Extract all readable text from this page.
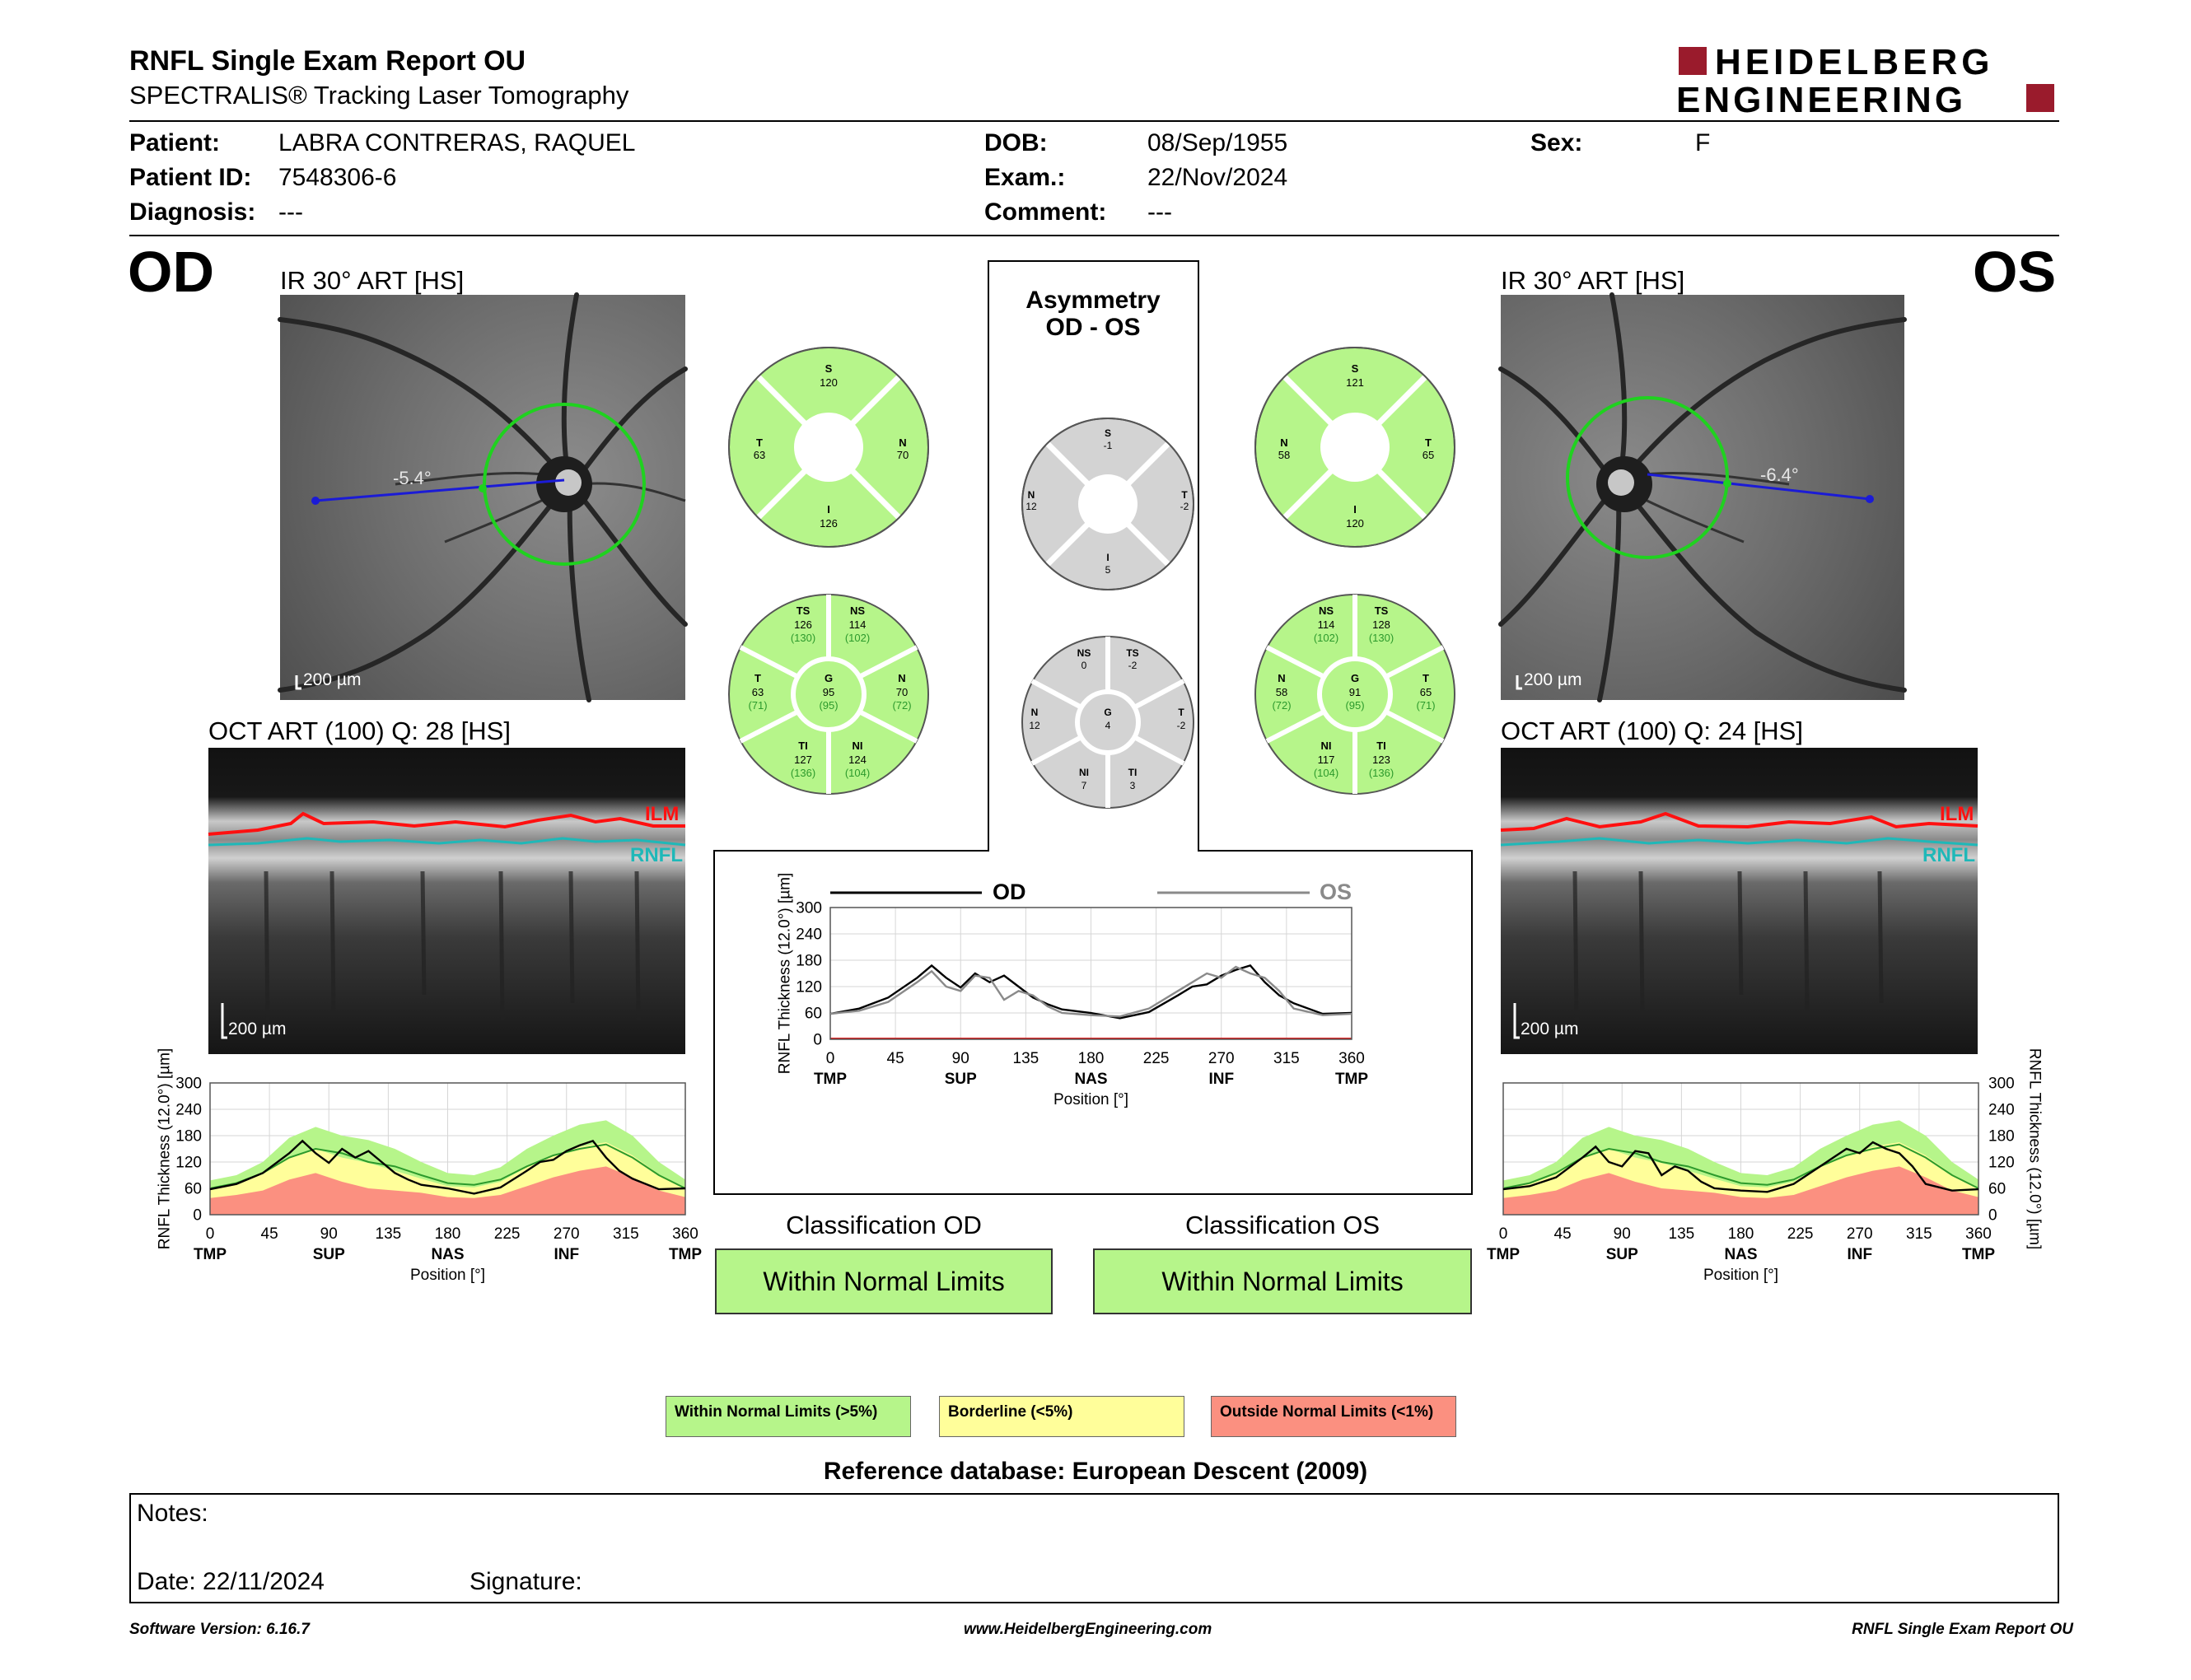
RNFL Single Exam Report OU
SPECTRALIS® Tracking Laser Tomography
HEIDELBERG
ENGINEERING
Patient: LABRA CONTRERAS, RAQUEL
Patient ID: 7548306-6
Diagnosis: ---
DOB:	08/Sep/1955
Exam.:	22/Nov/2024
Comment: ---
Sex:	F
OD	OS
IR 30° ART [HS]
-5.4°
200 µm
IR 30° ART [HS]
-6.4°
200 µm
OCT ART (100) Q: 28 [HS]
ILM
RNFL
200 µm
OCT ART (100) Q: 24 [HS]
ILM
RNFL
200 µm
S
120
T
63
N
70
I
126
TS
126
(130)
NS
114
(102)
T
63
(71)
G
95
(95)
N
70
(72)
TI
127
(136)
NI
124
(104)
S
121
N
58
T
65
I
120
NS
114
(102)
TS
128
(130)
N
58
(72)
G
91
(95)
T
65
(71)
NI
117
(104)
TI
123
(136)
Asymmetry
OD - OS
S
-1
N
12
T
-2
I
5
NS
0
TS
-2
N
12
G
4
T
-2
NI
7
TI
3
0
60
120
180
240
300
0	45	90 135 180 225 270 315 360
TMP	SUP	NAS	INF	TMP
Position [°]
RNFL Thickness (12.0°) [µm]
0
60
120
180
240
300
0	45	90	135 180 225 270 315 360
TMP	SUP	NAS	INF	TMP
Position [°]
RNFL Thickness (12.0°) [µm]	OD	OS
0
60
120
180
240
300
0	45	90 135 180 225 270 315 360
TMP	SUP	NAS	INF	TMP
Position [°]
RNFL Thickness (12.0°) [µm]
Classification OD
Within Normal Limits
Classification OS
Within Normal Limits
Within Normal Limits (>5%)	Borderline (<5%)	Outside Normal Limits (<1%)
Reference database: European Descent (2009)
Notes:
Date: 22/11/2024	Signature:
Software Version: 6.16.7	www.HeidelbergEngineering.com	RNFL Single Exam Report OU
